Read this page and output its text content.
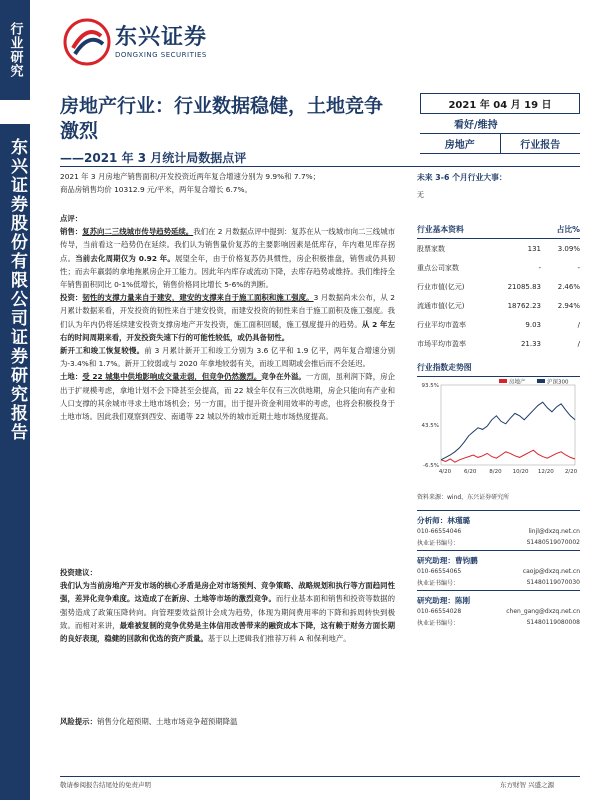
行业研究
东兴证券股份有限公司证券研究报告
东兴证券
DONGXING SECURITIES
房地产行业：行业数据稳健，土地竞争激烈
——2021 年 3 月统计局数据点评
2021 年 04 月 19 日
看好/维持
房地产	行业报告
2021 年 3 月房地产销售面积/开发投资近两年复合增速分别为 9.9%和 7.7%；
商品房销售均价 10312.9 元/平米，两年复合增长 6.7%。
点评：

销售：复苏向二三线城市传导趋势延续。我们在 2 月数据点评中提到：复苏在从一线城市向二三线城市传导，当前看这一趋势仍在延续。我们认为销售量价复苏的主要影响因素是低库存，年内难见库存拐点。当前去化周期仅为 0.92 年。展望全年，由于价格复苏仍具惯性，房企积极推盘，销售或仍具韧性；而去年羸弱的拿地拖累房企开工能力。因此年内库存或流动下降，去库存趋势或维持。我们维持全年销售面积同比 0-1%低增长，销售价格同比增长 5-6%的判断。

投资：韧性的支撑力量来自于建安，建安的支撑来自于施工面积和施工强度。3 月数据尚未公布，从 2 月累计数据来看，开发投资的韧性来自于建安投资，而建安投资的韧性来自于施工面积及施工强度。我们认为年内仍将延续建安投资支撑房地产开发投资，施工面积回暖，施工强度提升的趋势。从 2 年左右的时间周期来看，开发投资失速下行的可能性较低，或仍具备韧性。

新开工和竣工恢复较慢。前 3 月累计新开工和竣工分别为 3.6 亿平和 1.9 亿平，两年复合增速分别为-3.4%和 1.7%。新开工较弱或与 2020 年拿地较弱有关，而竣工周期或会推后而不会延迟。

土地：受 22 城集中供地影响成交量走弱，但竞争仍然激烈。竞争在外溢。一方面，虽利润下降，房企出于扩规模考虑，拿地计划不会下降甚至会提高，而 22 城全年仅有三次供地期，房企只能向有产业和人口支撑的其余城市寻求土地市场机会；另一方面，出于提升资金利用效率的考虑，也将会积极投身于土地市场。因此我们观察到西安、南通等 22 城以外的城市近期土地市场热度提高。

投资建议：

我们认为当前房地产开发市场的核心矛盾是房企对市场预判、竞争策略、战略规划和执行等方面趋同性强，差异化竞争难度。这造成了在新房、土地等市场的激烈竞争。而行业基本面和销售和投资等数据的强势造成了政策压降转向。向管理要效益预计会成为趋势，体现为期间费用率的下降和拆周转快到极致。而相对来讲，最难被复制的竞争优势是主体信用改善带来的融资成本下降，这有赖于财务方面长期的良好表现，稳健的回款和优选的资产质量。基于以上逻辑我们推荐万科 A 和保利地产。

风险提示：销售分化超预期、土地市场竞争超预期降温
未来 3-6 个月行业大事：
无
行业基本资料	占比%
股票家数	131	3.09%
重点公司家数	-	-
行业市值(亿元)	21085.83	2.46%
流通市值(亿元)	18762.23	2.94%
行业平均市盈率	9.03	/
市场平均市盈率	21.33	/
行业指数走势图
93.5%
43.5%
-6.5%
4/20 6/20 8/20 10/20 12/20 2/20
房地产	沪深300
资料来源：wind，东兴证券研究所
分析师：林瑾璐
010-66554046	linjl@dxzq.net.cn
执业证书编号：	S1480519070002
研究助理：曹钧鹏
010-66554065	caojp@dxzq.net.cn
执业证书编号：	S1480119070030
研究助理：陈刚
010-66554028	chen_gang@dxzq.net.cn
执业证书编号：	S1480119080008
敬请参阅报告结尾处的免责声明	东方财智 兴盛之源
